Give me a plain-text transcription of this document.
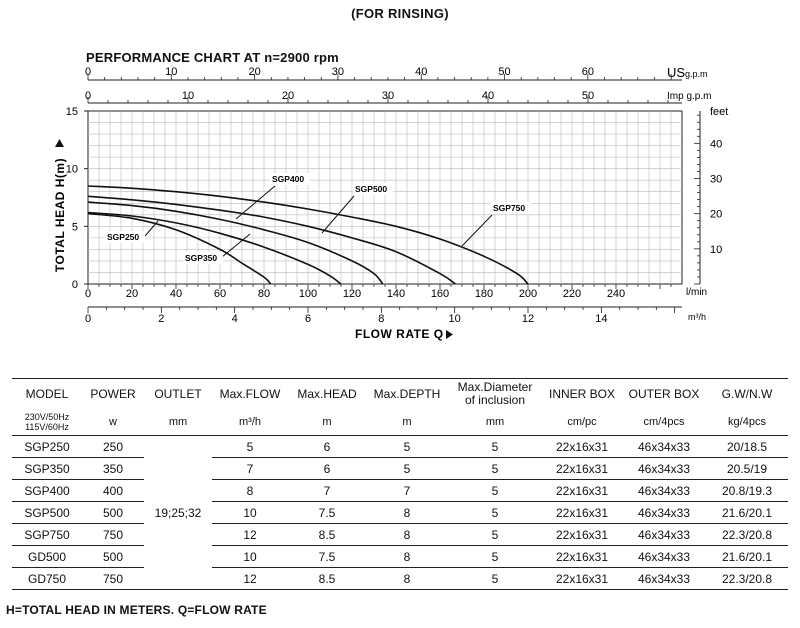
(FOR RINSING)
PERFORMANCE CHART AT n=2900 rpm
0	10	20	30	40	50	60	US g.p.m
0	10	20	30	40	50	Imp g.p.m
0
5
10
15
10
20
30
40
feet
0	20	40	60	80	100 120 140 160 180 200 220 240	l/min
0	2	4	6	8	10	12	14	m³/h
SGP250
SGP350
SGP400
SGP500
SGP750
TOTAL HEAD H(m)
FLOW RATE Q
MODEL	POWER	OUTLET	Max.FLOW	Max.HEAD	Max.DEPTH	Max.Diameter
of inclusion	INNER BOX	OUTER BOX	G.W/N.W

230V/50Hz
115V/60Hz	w	mm	m³/h	m	m	mm	cm/pc	cm/4pcs	kg/4pcs
SGP250	250	19;25;32	5	6	5	5	22x16x31	46x34x33	20/18.5
SGP350	350		7	6	5	5	22x16x31	46x34x33	20.5/19
SGP400	400		8	7	7	5	22x16x31	46x34x33	20.8/19.3
SGP500	500		10	7.5	8	5	22x16x31	46x34x33	21.6/20.1
SGP750	750		12	8.5	8	5	22x16x31	46x34x33	22.3/20.8
GD500	500		10	7.5	8	5	22x16x31	46x34x33	21.6/20.1
GD750	750		12	8.5	8	5	22x16x31	46x34x33	22.3/20.8
H=TOTAL HEAD IN METERS. Q=FLOW RATE
